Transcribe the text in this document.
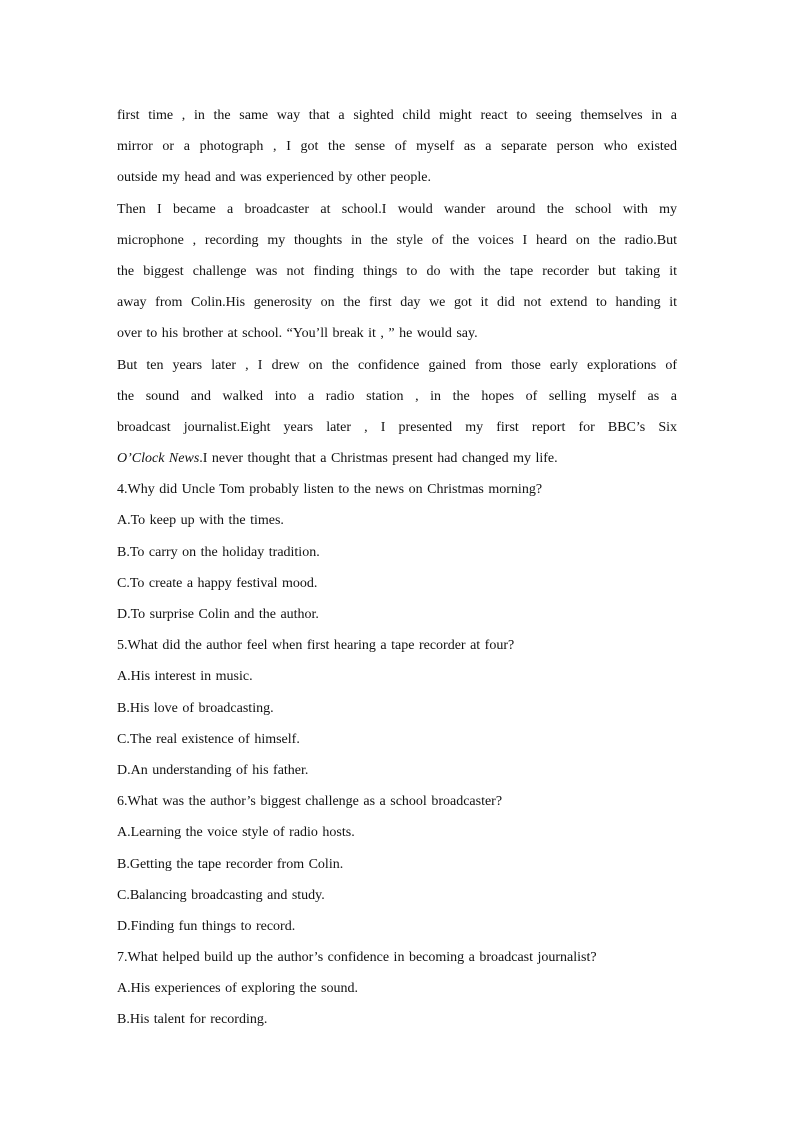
first time , in the same way that a sighted child might react to seeing themselves in a
mirror or a photograph , I got the sense of myself as a separate person who existed
outside my head and was experienced by other people.
Then I became a broadcaster at school.I would wander around the school with my
microphone , recording my thoughts in the style of the voices I heard on the radio.But
the biggest challenge was not finding things to do with the tape recorder but taking it
away from Colin.His generosity on the first day we got it did not extend to handing it
over to his brother at school. “You’ll break it , ” he would say.
But ten years later , I drew on the confidence gained from those early explorations of
the sound and walked into a radio station , in the hopes of selling myself as a
broadcast journalist.Eight years later , I presented my first report for BBC’s Six
O’Clock News.I never thought that a Christmas present had changed my life.
4.Why did Uncle Tom probably listen to the news on Christmas morning?
A.To keep up with the times.
B.To carry on the holiday tradition.
C.To create a happy festival mood.
D.To surprise Colin and the author.
5.What did the author feel when first hearing a tape recorder at four?
A.His interest in music.
B.His love of broadcasting.
C.The real existence of himself.
D.An understanding of his father.
6.What was the author’s biggest challenge as a school broadcaster?
A.Learning the voice style of radio hosts.
B.Getting the tape recorder from Colin.
C.Balancing broadcasting and study.
D.Finding fun things to record.
7.What helped build up the author’s confidence in becoming a broadcast journalist?
A.His experiences of exploring the sound.
B.His talent for recording.
